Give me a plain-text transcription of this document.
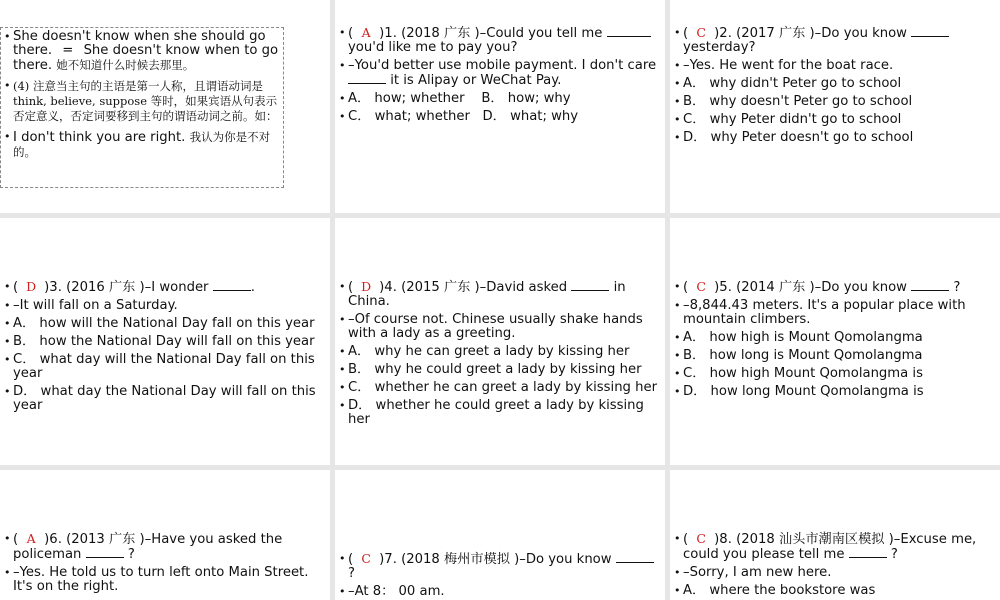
• She doesn't know when she should go there. = She doesn't know when to go there. 她不知道什么时候去那里。
• (4) 注意当主句的主语是第一人称，且谓语动词是 think, believe, suppose 等时，如果宾语从句表示否定意义，否定词要移到主句的谓语动词之前。如：
• I don't think you are right. 我认为你是不对的。
• ( A )1. (2018 广东 )–Could you tell me  you'd like me to pay you?
• –You'd better use mobile payment. I don't care  it is Alipay or WeChat Pay.
• A． how; whether B． how; why
• C． what; whether D． what; why
• ( C )2. (2017 广东 )–Do you know  yesterday?
• –Yes. He went for the boat race.
• A． why didn't Peter go to school
• B． why doesn't Peter go to school
• C． why Peter didn't go to school
• D． why Peter doesn't go to school
• ( D )3. (2016 广东 )–I wonder	.
• –It will fall on a Saturday.
• A． how will the National Day fall on this year
• B． how the National Day will fall on this year
• C． what day will the National Day fall on this year
• D． what day the National Day will fall on this year
• ( D )4. (2015 广东 )–David asked	in China.
• –Of course not. Chinese usually shake hands with a lady as a greeting.
• A． why he can greet a lady by kissing her
• B． why he could greet a lady by kissing her
• C． whether he can greet a lady by kissing her
• D． whether he could greet a lady by kissing her
• ( C )5. (2014 广东 )–Do you know	?
• –8,844.43 meters. It's a popular place with mountain climbers.
• A． how high is Mount Qomolangma
• B． how long is Mount Qomolangma
• C． how high Mount Qomolangma is
• D． how long Mount Qomolangma is
• ( A )6. (2013 广东 )–Have you asked the policeman	?
• –Yes. He told us to turn left onto Main Street. It's on the right.
• ( C )7. (2018 梅州市模拟 )–Do you know  ?
• –At 8： 00 am.
• ( C )8. (2018 汕头市潮南区模拟 )–Excuse me, could you please tell me	?
• –Sorry, I am new here.
• A． where the bookstore was
